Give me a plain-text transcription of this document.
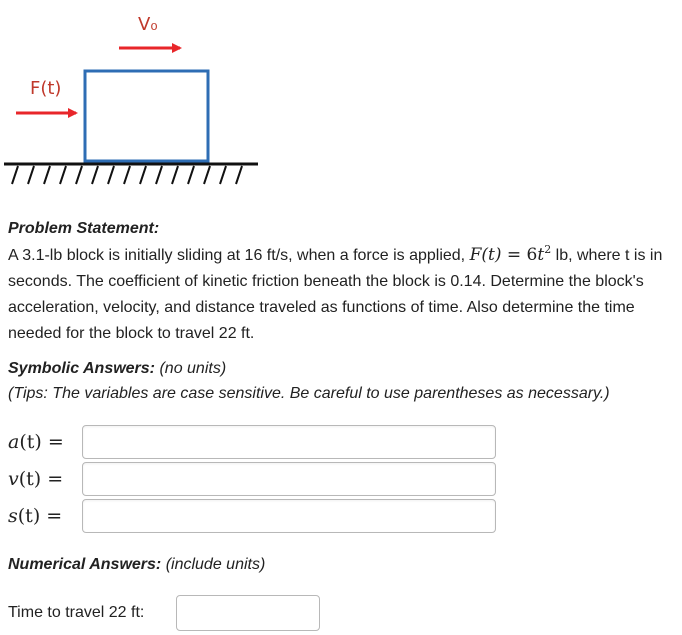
V₀
F(t)
Problem Statement:
A 3.1-lb block is initially sliding at 16 ft/s, when a force is applied, $F(t) = 6t^2$ lb, where t is in seconds. The coefficient of kinetic friction beneath the block is 0.14. Determine the block's acceleration, velocity, and distance traveled as functions of time. Also determine the time needed for the block to travel 22 ft.
Symbolic Answers: (no units)
(Tips: The variables are case sensitive. Be careful to use parentheses as necessary.)
a(t) =
v(t) =
s(t) =
Numerical Answers: (include units)
Time to travel 22 ft:
